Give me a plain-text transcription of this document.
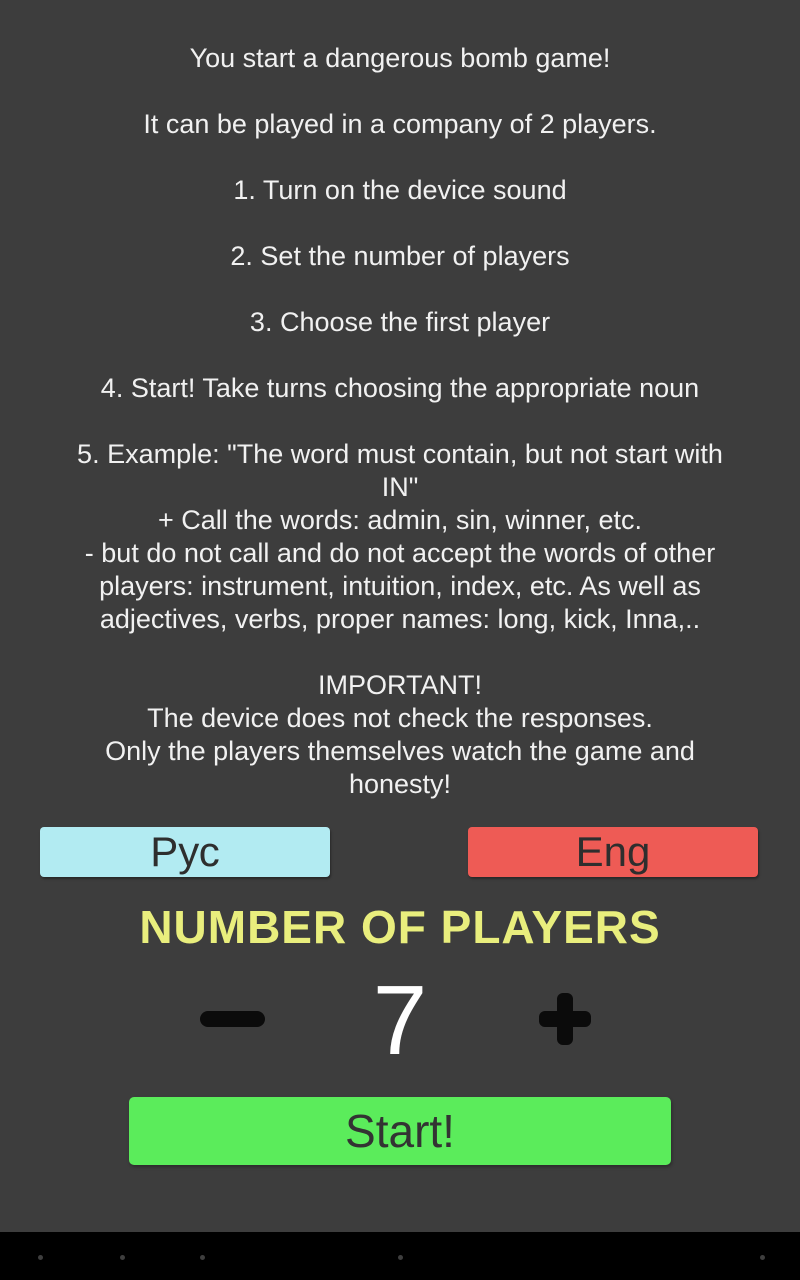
You start a dangerous bomb game!

It can be played in a company of 2 players.

1. Turn on the device sound

2. Set the number of players

3. Choose the first player

4. Start! Take turns choosing the appropriate noun

5. Example: "The word must contain, but not start with
IN"
+ Call the words: admin, sin, winner, etc.
- but do not call and do not accept the words of other
players: instrument, intuition, index, etc. As well as
adjectives, verbs, proper names: long, kick, Inna,..

IMPORTANT!
The device does not check the responses.
Only the players themselves watch the game and
honesty!
Рус	Eng
NUMBER OF PLAYERS
7
Start!
